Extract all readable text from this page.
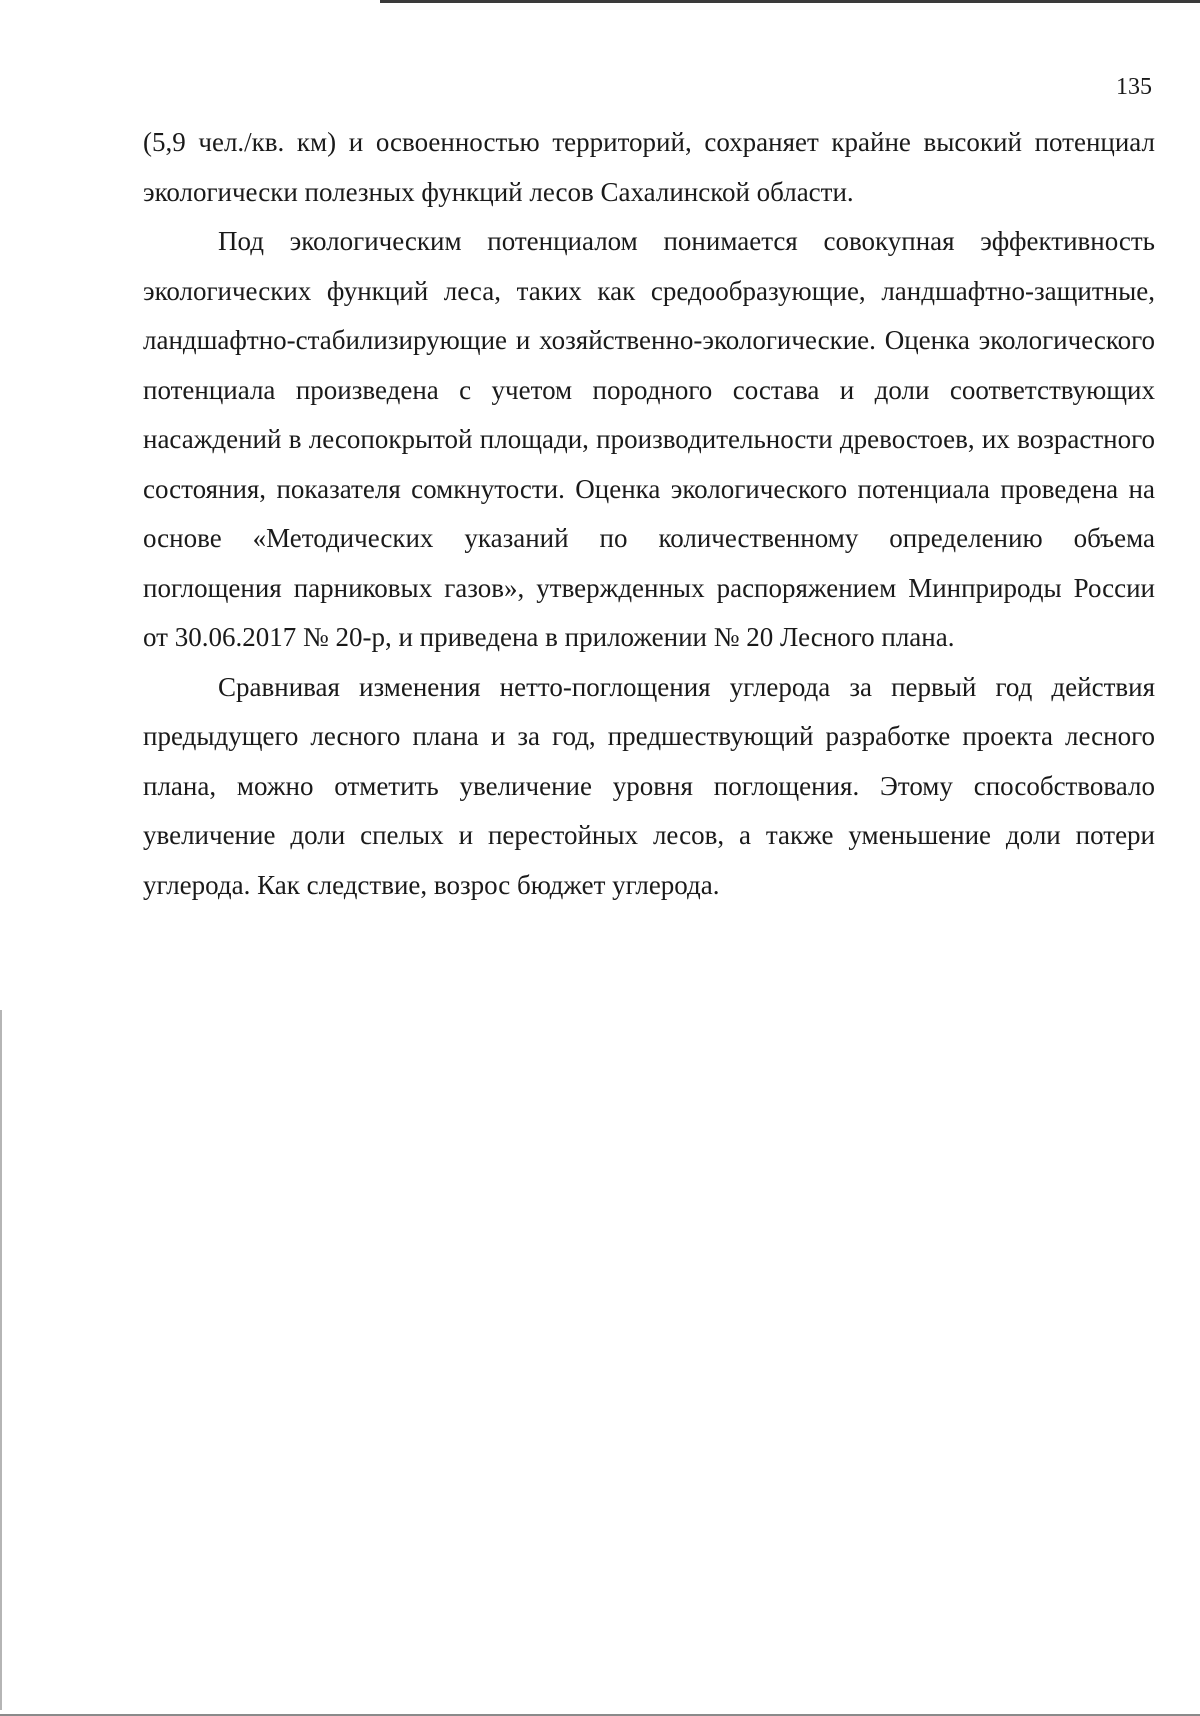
135

(5,9 чел./кв. км) и освоенностью территорий, сохраняет крайне высокий потенциал экологически полезных функций лесов Сахалинской области.

Под экологическим потенциалом понимается совокупная эффективность экологических функций леса, таких как средообразующие, ландшафтно-защитные, ландшафтно-стабилизирующие и хозяйственно-экологические. Оценка экологического потенциала произведена с учетом породного состава и доли соответствующих насаждений в лесопокрытой площади, производительности древостоев, их возрастного состояния, показателя сомкнутости. Оценка экологического потенциала проведена на основе «Методических указаний по количественному определению объема поглощения парниковых газов», утвержденных распоряжением Минприроды России от 30.06.2017 № 20-р, и приведена в приложении № 20 Лесного плана.

Сравнивая изменения нетто-поглощения углерода за первый год действия предыдущего лесного плана и за год, предшествующий разработке проекта лесного плана, можно отметить увеличение уровня поглощения. Этому способствовало увеличение доли спелых и перестойных лесов, а также уменьшение доли потери углерода. Как следствие, возрос бюджет углерода.
